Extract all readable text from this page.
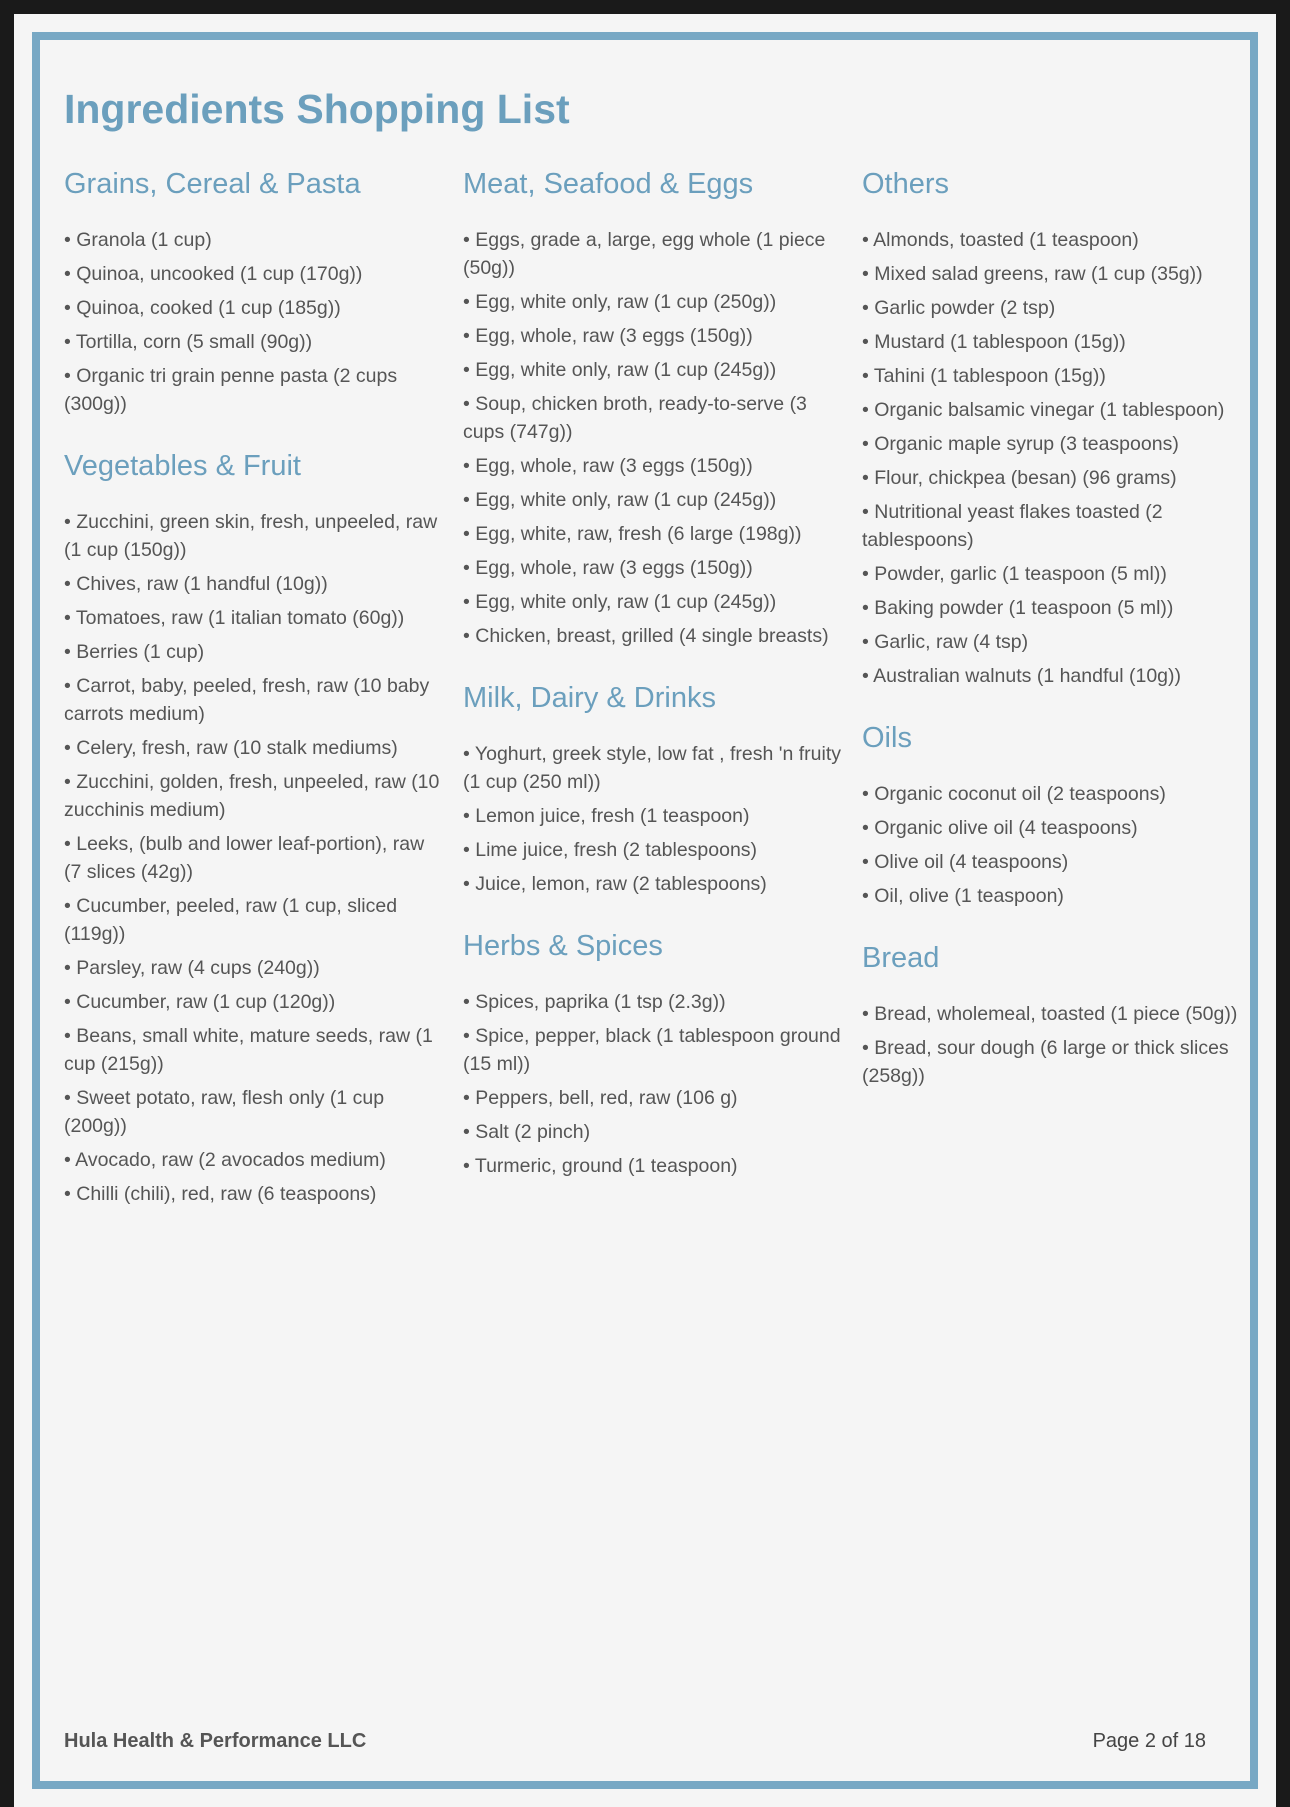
Ingredients Shopping List
Grains, Cereal & Pasta
• Granola (1 cup)
• Quinoa, uncooked (1 cup (170g))
• Quinoa, cooked (1 cup (185g))
• Tortilla, corn (5 small (90g))
• Organic tri grain penne pasta (2 cups (300g))
Vegetables & Fruit
• Zucchini, green skin, fresh, unpeeled, raw (1 cup (150g))
• Chives, raw (1 handful (10g))
• Tomatoes, raw (1 italian tomato (60g))
• Berries (1 cup)
• Carrot, baby, peeled, fresh, raw (10 baby carrots medium)
• Celery, fresh, raw (10 stalk mediums)
• Zucchini, golden, fresh, unpeeled, raw (10 zucchinis medium)
• Leeks, (bulb and lower leaf-portion), raw (7 slices (42g))
• Cucumber, peeled, raw (1 cup, sliced (119g))
• Parsley, raw (4 cups (240g))
• Cucumber, raw (1 cup (120g))
• Beans, small white, mature seeds, raw (1 cup (215g))
• Sweet potato, raw, flesh only (1 cup (200g))
• Avocado, raw (2 avocados medium)
• Chilli (chili), red, raw (6 teaspoons)
Meat, Seafood & Eggs
• Eggs, grade a, large, egg whole (1 piece (50g))
• Egg, white only, raw (1 cup (250g))
• Egg, whole, raw (3 eggs (150g))
• Egg, white only, raw (1 cup (245g))
• Soup, chicken broth, ready-to-serve (3 cups (747g))
• Egg, whole, raw (3 eggs (150g))
• Egg, white only, raw (1 cup (245g))
• Egg, white, raw, fresh (6 large (198g))
• Egg, whole, raw (3 eggs (150g))
• Egg, white only, raw (1 cup (245g))
• Chicken, breast, grilled (4 single breasts)
Milk, Dairy & Drinks
• Yoghurt, greek style, low fat , fresh 'n fruity (1 cup (250 ml))
• Lemon juice, fresh (1 teaspoon)
• Lime juice, fresh (2 tablespoons)
• Juice, lemon, raw (2 tablespoons)
Herbs & Spices
• Spices, paprika (1 tsp (2.3g))
• Spice, pepper, black (1 tablespoon ground (15 ml))
• Peppers, bell, red, raw (106 g)
• Salt (2 pinch)
• Turmeric, ground (1 teaspoon)
Others
• Almonds, toasted (1 teaspoon)
• Mixed salad greens, raw (1 cup (35g))
• Garlic powder (2 tsp)
• Mustard (1 tablespoon (15g))
• Tahini (1 tablespoon (15g))
• Organic balsamic vinegar (1 tablespoon)
• Organic maple syrup (3 teaspoons)
• Flour, chickpea (besan) (96 grams)
• Nutritional yeast flakes toasted (2 tablespoons)
• Powder, garlic (1 teaspoon (5 ml))
• Baking powder (1 teaspoon (5 ml))
• Garlic, raw (4 tsp)
• Australian walnuts (1 handful (10g))
Oils
• Organic coconut oil (2 teaspoons)
• Organic olive oil (4 teaspoons)
• Olive oil (4 teaspoons)
• Oil, olive (1 teaspoon)
Bread
• Bread, wholemeal, toasted (1 piece (50g))
• Bread, sour dough (6 large or thick slices (258g))
Hula Health & Performance LLC	Page 2 of 18
